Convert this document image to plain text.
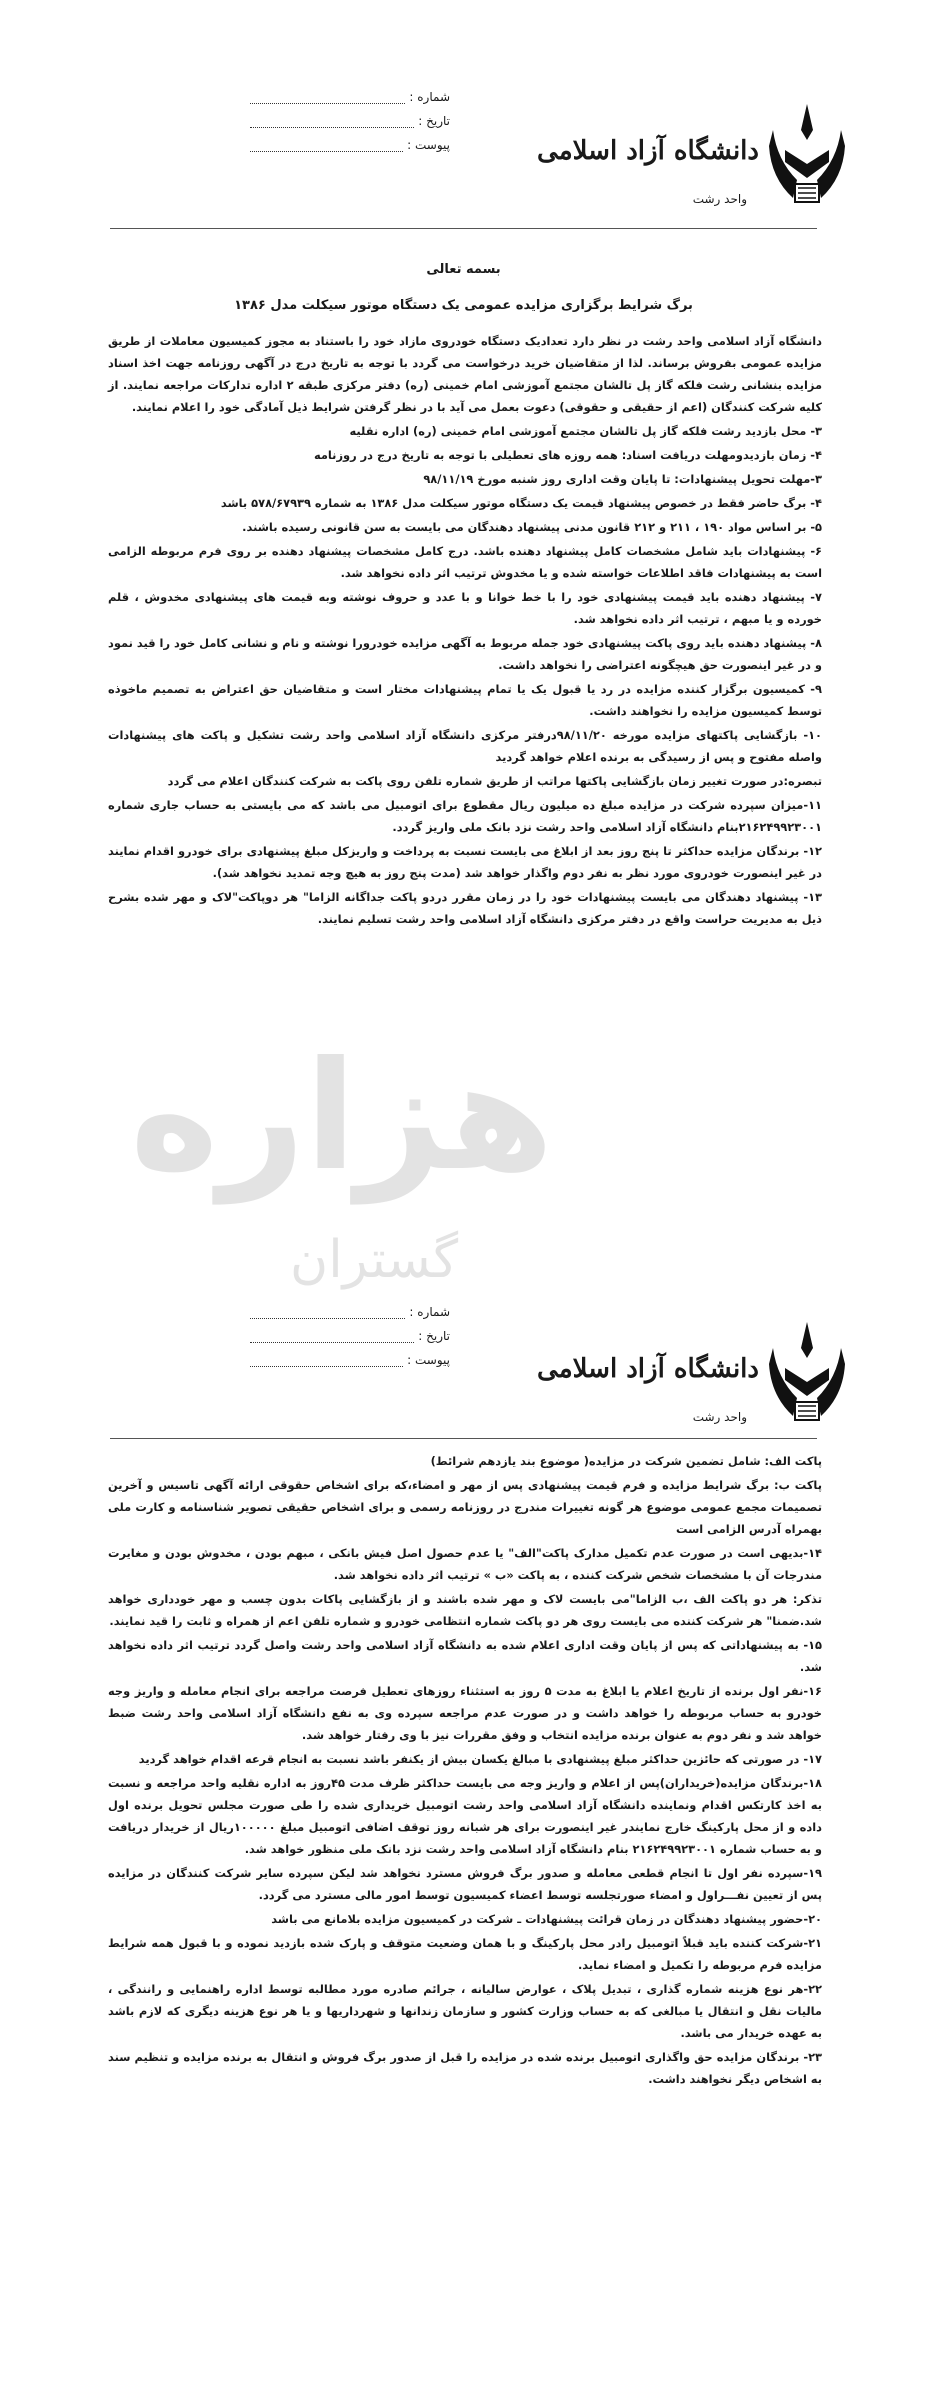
هزاره
گستران
شماره :
تاریخ :
پیوست :	دانشگاه آزاد اسلامی
واحد رشت
بسمه تعالی
برگ شرایط برگزاری مزایده عمومی یک دستگاه موتور سیکلت مدل ۱۳۸۶

دانشگاه آزاد اسلامی واحد رشت در نظر دارد تعدادیک دستگاه خودروی مازاد خود را باستناد به مجوز کمیسیون معاملات از طریق مزایده عمومی بفروش برساند. لذا از متقاضیان خرید درخواست می گردد با توجه به تاریخ درج در آگهی روزنامه جهت اخذ اسناد مزایده بنشانی رشت فلکه گاز پل تالشان مجتمع آموزشی امام خمینی (ره) دفتر مرکزی طبقه ۲ اداره تدارکات مراجعه نمایند. از کلیه شرکت کنندگان (اعم از حقیقی و حقوقی) دعوت بعمل می آید با در نظر گرفتن شرایط ذیل آمادگی خود را اعلام نمایند.

۳- محل بازدید رشت فلکه گاز پل تالشان مجتمع آموزشی امام خمینی (ره) اداره نقلیه

۴- زمان بازدیدومهلت دریافت اسناد: همه روزه های تعطیلی با توجه به تاریخ درج در روزنامه

۳-مهلت تحویل پیشنهادات: تا پایان وقت اداری روز شنبه مورخ ۹۸/۱۱/۱۹

۴- برگ حاضر فقط در خصوص پیشنهاد قیمت یک دستگاه موتور سیکلت مدل ۱۳۸۶ به شماره ۵۷۸/۶۷۹۳۹ باشد

۵- بر اساس مواد ۱۹۰ ، ۲۱۱ و ۲۱۲ قانون مدنی پیشنهاد دهندگان می بایست به سن قانونی رسیده باشند.

۶- پیشنهادات باید شامل مشخصات کامل پیشنهاد دهنده باشد. درج کامل مشخصات پیشنهاد دهنده بر روی فرم مربوطه الزامی است به پیشنهادات فاقد اطلاعات خواسته شده و یا مخدوش ترتیب اثر داده نخواهد شد.

۷- پیشنهاد دهنده باید قیمت پیشنهادی خود را با خط خوانا و با عدد و حروف نوشته وبه قیمت های پیشنهادی مخدوش ، قلم خورده و یا مبهم ، ترتیب اثر داده نخواهد شد.

۸- پیشنهاد دهنده باید روی پاکت پیشنهادی خود جمله مربوط به آگهی مزایده خودرورا نوشته و نام و نشانی کامل خود را قید نمود و در غیر اینصورت حق هیچگونه اعتراضی را نخواهد داشت.

۹- کمیسیون برگزار کننده مزایده در رد یا قبول یک یا تمام پیشنهادات مختار است و متقاضیان حق اعتراض به تصمیم ماخوذه توسط کمیسیون مزایده را نخواهند داشت.

۱۰- بازگشایی پاکتهای مزایده مورخه ۹۸/۱۱/۲۰درفتر مرکزی دانشگاه آزاد اسلامی واحد رشت تشکیل و پاکت های پیشنهادات واصله مفتوح و پس از رسیدگی به برنده اعلام خواهد گردید

تبصره:در صورت تغییر زمان بازگشایی پاکتها مراتب از طریق شماره تلفن روی پاکت به شرکت کنندگان اعلام می گردد

۱۱-میزان سپرده شرکت در مزایده مبلغ ده میلیون ریال مقطوع برای اتومبیل می باشد که می بایستی به حساب جاری شماره ۲۱۶۲۴۹۹۲۳۰۰۱بنام دانشگاه آزاد اسلامی واحد رشت نزد بانک ملی واریز گردد.

۱۲- برندگان مزایده حداکثر تا پنج روز بعد از ابلاغ می بایست نسبت به پرداخت و واریزکل مبلغ پیشنهادی برای خودرو اقدام نمایند در غیر اینصورت خودروی مورد نظر به نفر دوم واگذار خواهد شد (مدت پنج روز به هیچ وجه تمدید نخواهد شد).

۱۳- پیشنهاد دهندگان می بایست پیشنهادات خود را در زمان مقرر دردو پاکت جداگانه الزاما" هر دوپاکت"لاک و مهر شده بشرح ذیل به مدیریت حراست واقع در دفتر مرکزی دانشگاه آزاد اسلامی واحد رشت تسلیم نمایند.

شماره :
تاریخ :
پیوست :	دانشگاه آزاد اسلامی
واحد رشت

پاکت الف: شامل تضمین شرکت در مزایده( موضوع بند یازدهم شرائط)

پاکت ب: برگ شرایط مزایده و فرم قیمت پیشنهادی پس از مهر و امضاء،که برای اشخاص حقوقی ارائه آگهی تاسیس و آخرین تصمیمات مجمع عمومی موضوع هر گونه تغییرات مندرج در روزنامه رسمی و برای اشخاص حقیقی تصویر شناسنامه و کارت ملی بهمراه آدرس الزامی است

۱۴-بدیهی است در صورت عدم تکمیل مدارک پاکت"الف" یا عدم حصول اصل فیش بانکی ، مبهم بودن ، مخدوش بودن و مغایرت مندرجات آن با مشخصات شخص شرکت کننده ، به پاکت «ب » ترتیب اثر داده نخواهد شد.

تذکر: هر دو پاکت الف ،ب الزاما"می بایست لاک و مهر شده باشند و از بازگشایی پاکات بدون چسب و مهر خودداری خواهد شد.ضمنا" هر شرکت کننده می بایست روی هر دو پاکت شماره انتظامی خودرو و شماره تلفن اعم از همراه و ثابت را قید نمایند.

۱۵- به پیشنهاداتی که پس از پایان وقت اداری اعلام شده به دانشگاه آزاد اسلامی واحد رشت واصل گردد ترتیب اثر داده نخواهد شد.

۱۶-نفر اول برنده از تاریخ اعلام یا ابلاغ به مدت ۵ روز به استثناء روزهای تعطیل فرصت مراجعه برای انجام معامله و واریز وجه خودرو به حساب مربوطه را خواهد داشت و در صورت عدم مراجعه سپرده وی به نفع دانشگاه آزاد اسلامی واحد رشت ضبط خواهد شد و نفر دوم به عنوان برنده مزایده انتخاب و وفق مقررات نیز با وی رفتار خواهد شد.

۱۷- در صورتی که حائزین حداکثر مبلغ پیشنهادی با مبالغ یکسان بیش از یکنفر باشد نسبت به انجام قرعه اقدام خواهد گردید

۱۸-برندگان مزایده(خریداران)پس از اعلام و واریز وجه می بایست حداکثر ظرف مدت ۴۵روز به اداره نقلیه واحد مراجعه و نسبت به اخذ کارتکس اقدام ونماینده دانشگاه آزاد اسلامی واحد رشت اتومبیل خریداری شده را طی صورت مجلس تحویل برنده اول داده و از محل پارکینگ خارج نمایندر غیر اینصورت برای هر شبانه روز توقف اضافی اتومبیل مبلغ ۱۰۰۰۰۰ریال از خریدار دریافت و به حساب شماره ۲۱۶۲۴۹۹۲۳۰۰۱ بنام دانشگاه آزاد اسلامی واحد رشت نزد بانک ملی منظور خواهد شد.

۱۹-سپرده نفر اول تا انجام قطعی معامله و صدور برگ فروش مسترد نخواهد شد لیکن سپرده سایر شرکت کنندگان در مزایده پس از تعیین نفـــراول و امضاء صورتجلسه توسط اعضاء کمیسیون توسط امور مالی مسترد می گردد.

۲۰-حضور پیشنهاد دهندگان در زمان قرائت پیشنهادات ـ شرکت در کمیسیون مزایده بلامانع می باشد

۲۱-شرکت کننده باید قبلاً اتومبیل رادر محل پارکینگ و با همان وضعیت متوقف و پارک شده بازدید نموده و با قبول همه شرایط مزایده فرم مربوطه را تکمیل و امضاء نماید.

۲۲-هر نوع هزینه شماره گذاری ، تبدیل پلاک ، عوارض سالیانه ، جرائم صادره مورد مطالبه توسط اداره راهنمایی و رانندگی ، مالیات نقل و انتقال یا مبالغی که به حساب وزارت کشور و سازمان زندانها و شهرداریها و یا هر نوع هزینه دیگری که لازم باشد به عهده خریدار می باشد.

۲۳- برندگان مزایده حق واگذاری اتومبیل برنده شده در مزایده را قبل از صدور برگ فروش و انتقال به برنده مزایده و تنظیم سند به اشخاص دیگر نخواهند داشت.
